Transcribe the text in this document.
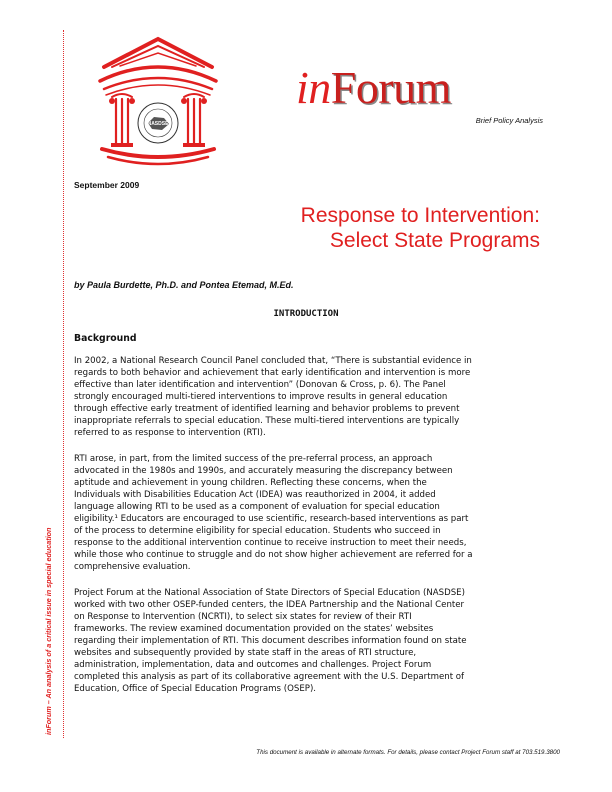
inForum – An analysis of a critical issue in special education
NASDSE
inForum
Brief Policy Analysis
September 2009
Response to Intervention:
Select State Programs
by Paula Burdette, Ph.D. and Pontea Etemad, M.Ed.
INTRODUCTION
Background
In 2002, a National Research Council Panel concluded that, “There is substantial evidence in
regards to both behavior and achievement that early identification and intervention is more
effective than later identification and intervention” (Donovan & Cross, p. 6). The Panel
strongly encouraged multi-tiered interventions to improve results in general education
through effective early treatment of identified learning and behavior problems to prevent
inappropriate referrals to special education. These multi-tiered interventions are typically
referred to as response to intervention (RTI).
RTI arose, in part, from the limited success of the pre-referral process, an approach
advocated in the 1980s and 1990s, and accurately measuring the discrepancy between
aptitude and achievement in young children. Reflecting these concerns, when the
Individuals with Disabilities Education Act (IDEA) was reauthorized in 2004, it added
language allowing RTI to be used as a component of evaluation for special education
eligibility.¹ Educators are encouraged to use scientific, research-based interventions as part
of the process to determine eligibility for special education. Students who succeed in
response to the additional intervention continue to receive instruction to meet their needs,
while those who continue to struggle and do not show higher achievement are referred for a
comprehensive evaluation.
Project Forum at the National Association of State Directors of Special Education (NASDSE)
worked with two other OSEP-funded centers, the IDEA Partnership and the National Center
on Response to Intervention (NCRTI), to select six states for review of their RTI
frameworks. The review examined documentation provided on the states’ websites
regarding their implementation of RTI. This document describes information found on state
websites and subsequently provided by state staff in the areas of RTI structure,
administration, implementation, data and outcomes and challenges. Project Forum
completed this analysis as part of its collaborative agreement with the U.S. Department of
Education, Office of Special Education Programs (OSEP).
This document is available in alternate formats. For details, please contact Project Forum staff at 703.519.3800
